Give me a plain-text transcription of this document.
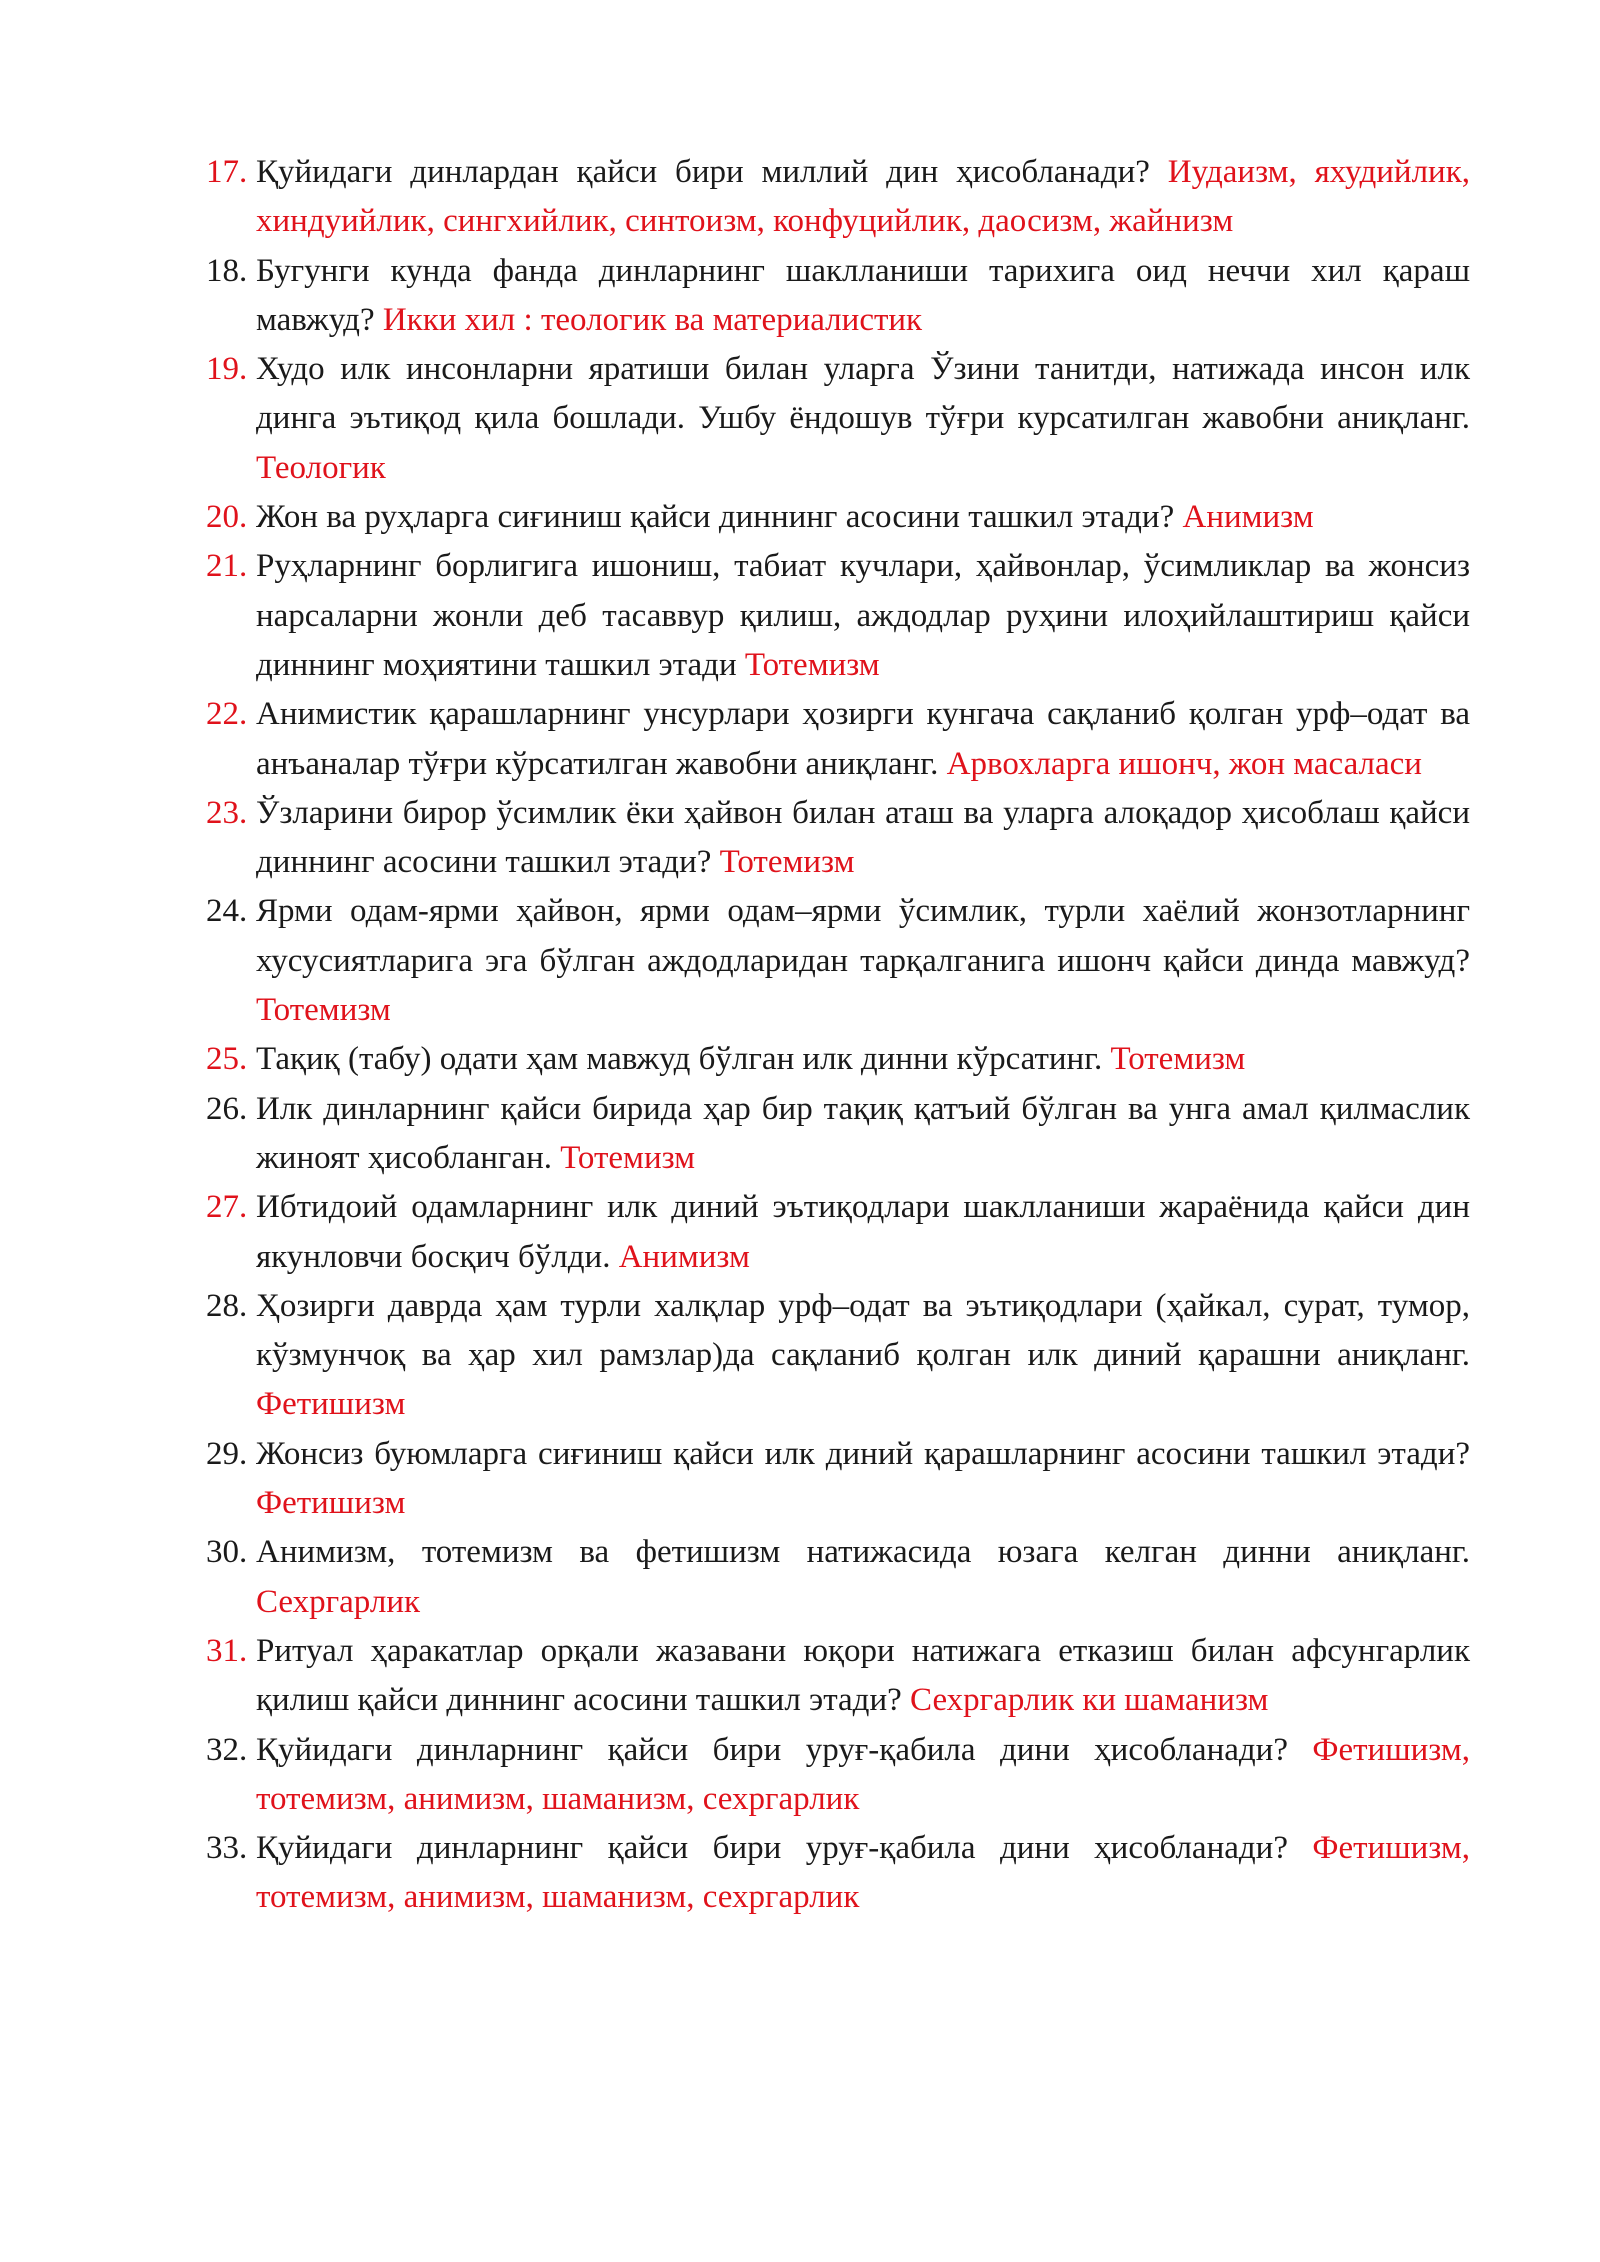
17. Қуйидаги динлардан қайси бири миллий дин ҳисобланади? Иудаизм, яхудийлик, хиндуийлик, сингхийлик, синтоизм, конфуцийлик, даосизм, жайнизм
18. Бугунги кунда фанда динларнинг шаклланиши тарихига оид неччи хил қараш мавжуд? Икки хил : теологик ва материалистик
19. Худо илк инсонларни яратиши билан уларга Ўзини танитди, натижада инсон илк динга эътиқод қила бошлади. Ушбу ёндошув тўғри курсатилган жавобни аниқланг. Теологик
20. Жон ва руҳларга сиғиниш қайси диннинг асосини ташкил этади? Анимизм
21. Руҳларнинг борлигига ишониш, табиат кучлари, ҳайвонлар, ўсимликлар ва жонсиз нарсаларни жонли деб тасаввур қилиш, аждодлар руҳини илоҳийлаштириш қайси диннинг моҳиятини ташкил этади Тотемизм
22. Анимистик қарашларнинг унсурлари ҳозирги кунгача сақланиб қолган урф–одат ва анъаналар тўғри кўрсатилган жавобни аниқланг. Арвохларга ишонч, жон масаласи
23. Ўзларини бирор ўсимлик ёки ҳайвон билан аташ ва уларга алоқадор ҳисоблаш қайси диннинг асосини ташкил этади? Тотемизм
24. Ярми одам-ярми ҳайвон, ярми одам–ярми ўсимлик, турли хаёлий жонзотларнинг хусусиятларига эга бўлган аждодларидан тарқалганига ишонч қайси динда мавжуд? Тотемизм
25. Тақиқ (табу) одати ҳам мавжуд бўлган илк динни кўрсатинг. Тотемизм
26. Илк динларнинг қайси бирида ҳар бир тақиқ қатъий бўлган ва унга амал қилмаслик жиноят ҳисобланган. Тотемизм
27. Ибтидоий одамларнинг илк диний эътиқодлари шаклланиши жараёнида қайси дин якунловчи босқич бўлди. Анимизм
28. Ҳозирги даврда ҳам турли халқлар урф–одат ва эътиқодлари (ҳайкал, сурат, тумор, кўзмунчоқ ва ҳар хил рамзлар)да сақланиб қолган илк диний қарашни аниқланг. Фетишизм
29. Жонсиз буюмларга сиғиниш қайси илк диний қарашларнинг асосини ташкил этади? Фетишизм
30. Анимизм, тотемизм ва фетишизм натижасида юзага келган динни аниқланг. Сехргарлик
31. Ритуал ҳаракатлар орқали жазавани юқори натижага етказиш билан афсунгарлик қилиш қайси диннинг асосини ташкил этади? Сехргарлик ки шаманизм
32. Қуйидаги динларнинг қайси бири уруғ-қабила дини ҳисобланади? Фетишизм, тотемизм, анимизм, шаманизм, сехргарлик
33. Қуйидаги динларнинг қайси бири уруғ-қабила дини ҳисобланади? Фетишизм, тотемизм, анимизм, шаманизм, сехргарлик
